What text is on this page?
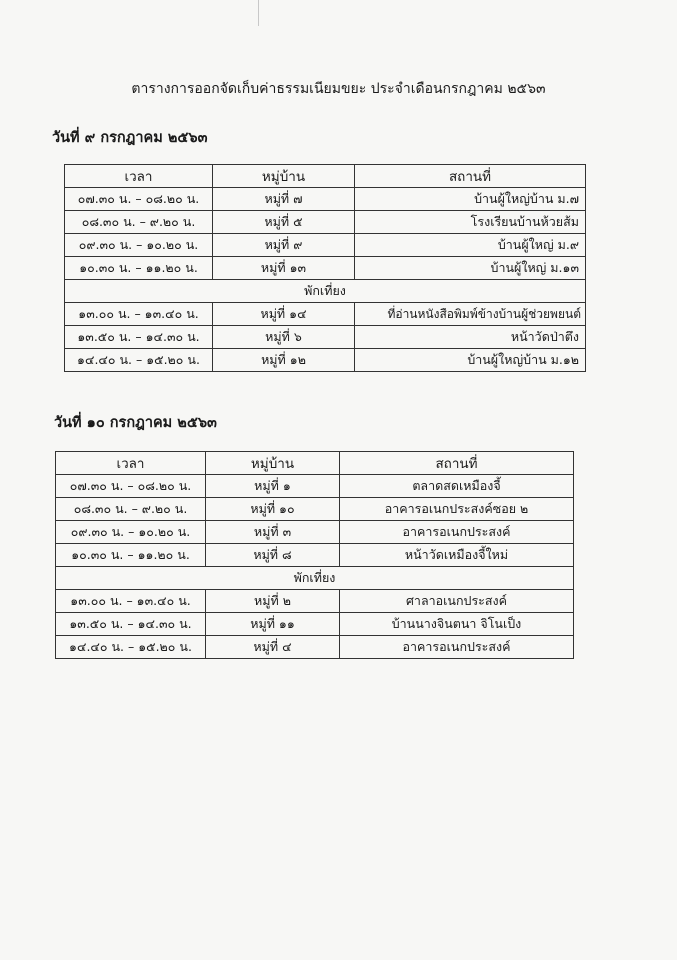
ตารางการออกจัดเก็บค่าธรรมเนียมขยะ ประจำเดือนกรกฎาคม ๒๕๖๓
วันที่ ๙ กรกฎาคม ๒๕๖๓
เวลา	หมู่บ้าน	สถานที่
๐๗.๓๐ น. – ๐๘.๒๐ น.	หมู่ที่ ๗	บ้านผู้ใหญ่บ้าน ม.๗
๐๘.๓๐ น. – ๙.๒๐ น.	หมู่ที่ ๕	โรงเรียนบ้านห้วยส้ม
๐๙.๓๐ น. – ๑๐.๒๐ น.	หมู่ที่ ๙	บ้านผู้ใหญ่ ม.๙
๑๐.๓๐ น. – ๑๑.๒๐ น.	หมู่ที่ ๑๓	บ้านผู้ใหญ่ ม.๑๓
พักเที่ยง		
๑๓.๐๐ น. – ๑๓.๔๐ น.	หมู่ที่ ๑๔	ที่อ่านหนังสือพิมพ์ข้างบ้านผู้ช่วยพยนต์
๑๓.๕๐ น. – ๑๔.๓๐ น.	หมู่ที่ ๖	หน้าวัดป่าตึง
๑๔.๔๐ น. – ๑๕.๒๐ น.	หมู่ที่ ๑๒	บ้านผู้ใหญ่บ้าน ม.๑๒
วันที่ ๑๐ กรกฎาคม ๒๕๖๓
เวลา	หมู่บ้าน	สถานที่
๐๗.๓๐ น. – ๐๘.๒๐ น.	หมู่ที่ ๑	ตลาดสดเหมืองจี้
๐๘.๓๐ น. – ๙.๒๐ น.	หมู่ที่ ๑๐	อาคารอเนกประสงค์ซอย ๒
๐๙.๓๐ น. – ๑๐.๒๐ น.	หมู่ที่ ๓	อาคารอเนกประสงค์
๑๐.๓๐ น. – ๑๑.๒๐ น.	หมู่ที่ ๘	หน้าวัดเหมืองจี้ใหม่
พักเที่ยง		
๑๓.๐๐ น. – ๑๓.๔๐ น.	หมู่ที่ ๒	ศาลาอเนกประสงค์
๑๓.๕๐ น. – ๑๔.๓๐ น.	หมู่ที่ ๑๑	บ้านนางจินตนา จิโนเป็ง
๑๔.๔๐ น. – ๑๕.๒๐ น.	หมู่ที่ ๔	อาคารอเนกประสงค์
